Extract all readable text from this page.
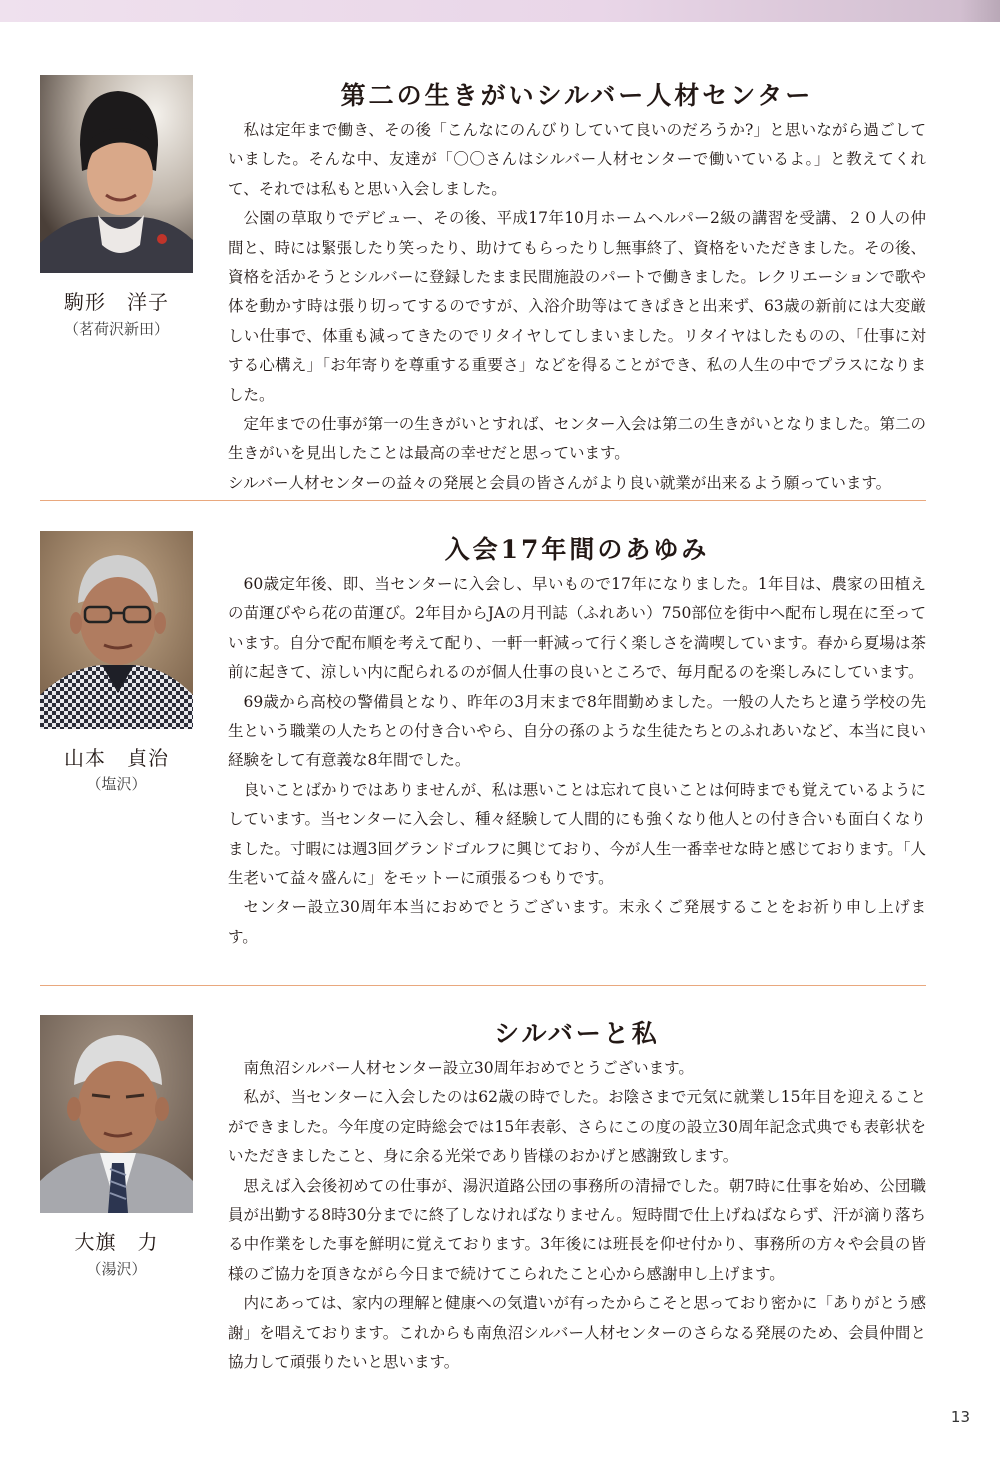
駒形　洋子
（茗荷沢新田）
第二の生きがいシルバー人材センター

私は定年まで働き、その後「こんなにのんびりしていて良いのだろうか?」と思いながら過ごしていました。そんな中、友達が「〇〇さんはシルバー人材センターで働いているよ。」と教えてくれて、それでは私もと思い入会しました。

公園の草取りでデビュー、その後、平成17年10月ホームヘルパー2級の講習を受講、２０人の仲間と、時には緊張したり笑ったり、助けてもらったりし無事終了、資格をいただきました。その後、資格を活かそうとシルバーに登録したまま民間施設のパートで働きました。レクリエーションで歌や体を動かす時は張り切ってするのですが、入浴介助等はてきぱきと出来ず、63歳の新前には大変厳しい仕事で、体重も減ってきたのでリタイヤしてしまいました。リタイヤはしたものの、「仕事に対する心構え」「お年寄りを尊重する重要さ」などを得ることができ、私の人生の中でプラスになりました。

定年までの仕事が第一の生きがいとすれば、センター入会は第二の生きがいとなりました。第二の生きがいを見出したことは最高の幸せだと思っています。

シルバー人材センターの益々の発展と会員の皆さんがより良い就業が出来るよう願っています。

山本　貞治
（塩沢）
入会17年間のあゆみ

60歳定年後、即、当センターに入会し、早いもので17年になりました。1年目は、農家の田植えの苗運びやら花の苗運び。2年目からJAの月刊誌（ふれあい）750部位を街中へ配布し現在に至っています。自分で配布順を考えて配り、一軒一軒減って行く楽しさを満喫しています。春から夏場は茶前に起きて、涼しい内に配られるのが個人仕事の良いところで、毎月配るのを楽しみにしています。

69歳から高校の警備員となり、昨年の3月末まで8年間勤めました。一般の人たちと違う学校の先生という職業の人たちとの付き合いやら、自分の孫のような生徒たちとのふれあいなど、本当に良い経験をして有意義な8年間でした。

良いことばかりではありませんが、私は悪いことは忘れて良いことは何時までも覚えているようにしています。当センターに入会し、種々経験して人間的にも強くなり他人との付き合いも面白くなりました。寸暇には週3回グランドゴルフに興じており、今が人生一番幸せな時と感じております。「人生老いて益々盛んに」をモットーに頑張るつもりです。

センター設立30周年本当におめでとうございます。末永くご発展することをお祈り申し上げます。

大旗　力
（湯沢）
シルバーと私

南魚沼シルバー人材センター設立30周年おめでとうございます。

私が、当センターに入会したのは62歳の時でした。お陰さまで元気に就業し15年目を迎えることができました。今年度の定時総会では15年表彰、さらにこの度の設立30周年記念式典でも表彰状をいただきましたこと、身に余る光栄であり皆様のおかげと感謝致します。

思えば入会後初めての仕事が、湯沢道路公団の事務所の清掃でした。朝7時に仕事を始め、公団職員が出勤する8時30分までに終了しなければなりません。短時間で仕上げねばならず、汗が滴り落ちる中作業をした事を鮮明に覚えております。3年後には班長を仰せ付かり、事務所の方々や会員の皆様のご協力を頂きながら今日まで続けてこられたこと心から感謝申し上げます。

内にあっては、家内の理解と健康への気遣いが有ったからこそと思っており密かに「ありがとう感謝」を唱えております。これからも南魚沼シルバー人材センターのさらなる発展のため、会員仲間と協力して頑張りたいと思います。

13
